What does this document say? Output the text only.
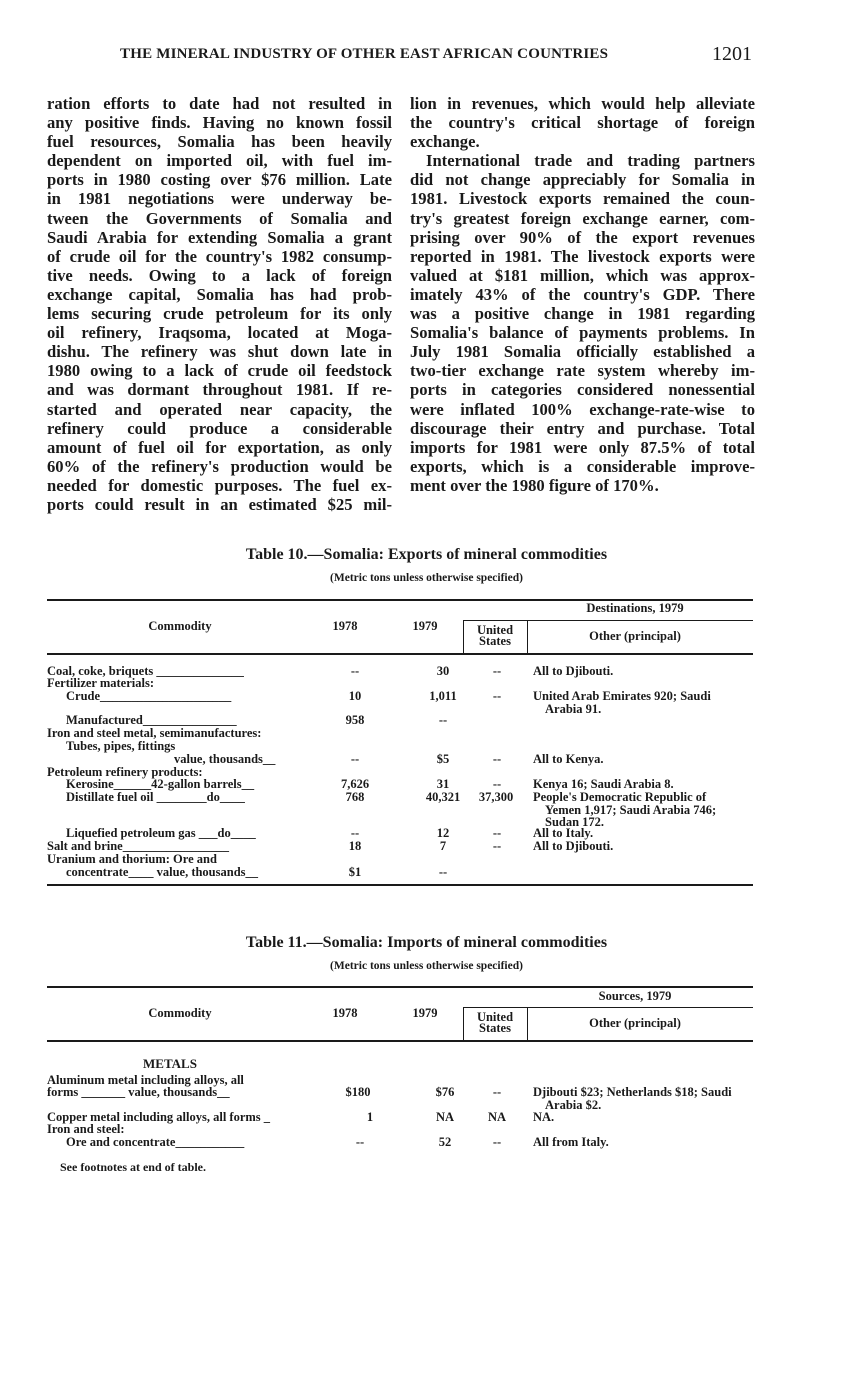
THE MINERAL INDUSTRY OF OTHER EAST AFRICAN COUNTRIES	1201
ration efforts to date had not resulted in
any positive finds. Having no known fossil
fuel resources, Somalia has been heavily
dependent on imported oil, with fuel im-
ports in 1980 costing over $76 million. Late
in 1981 negotiations were underway be-
tween the Governments of Somalia and
Saudi Arabia for extending Somalia a grant
of crude oil for the country's 1982 consump-
tive needs. Owing to a lack of foreign
exchange capital, Somalia has had prob-
lems securing crude petroleum for its only
oil refinery, Iraqsoma, located at Moga-
dishu. The refinery was shut down late in
1980 owing to a lack of crude oil feedstock
and was dormant throughout 1981. If re-
started and operated near capacity, the
refinery could produce a considerable
amount of fuel oil for exportation, as only
60% of the refinery's production would be
needed for domestic purposes. The fuel ex-
ports could result in an estimated $25 mil-
lion in revenues, which would help alleviate
the country's critical shortage of foreign
exchange.
International trade and trading partners
did not change appreciably for Somalia in
1981. Livestock exports remained the coun-
try's greatest foreign exchange earner, com-
prising over 90% of the export revenues
reported in 1981. The livestock exports were
valued at $181 million, which was approx-
imately 43% of the country's GDP. There
was a positive change in 1981 regarding
Somalia's balance of payments problems. In
July 1981 Somalia officially established a
two-tier exchange rate system whereby im-
ports in categories considered nonessential
were inflated 100% exchange-rate-wise to
discourage their entry and purchase. Total
imports for 1981 were only 87.5% of total
exports, which is a considerable improve-
ment over the 1980 figure of 170%.
Table 10.—Somalia: Exports of mineral commodities
(Metric tons unless otherwise specified)
Commodity	1978	1979
Destinations, 1979
United
States	Other (principal)
Coal, coke, briquets ______________	--	30	--	All to Djibouti.
Fertilizer materials:
Crude_____________________	10	1,011	--	United Arab Emirates 920; Saudi
Arabia 91.
Manufactured_______________	958	--
Iron and steel metal, semimanufactures:
Tubes, pipes, fittings
value, thousands__	--	$5	--	All to Kenya.
Petroleum refinery products:
Kerosine______42-gallon barrels__	7,626	31	--	Kenya 16; Saudi Arabia 8.
Distillate fuel oil ________do____	768	40,321	37,300	People's Democratic Republic of
Yemen 1,917; Saudi Arabia 746;
Sudan 172.
Liquefied petroleum gas ___do____	--	12	--	All to Italy.
Salt and brine_________________	18	7	--	All to Djibouti.
Uranium and thorium: Ore and
concentrate____ value, thousands__	$1	--
Table 11.—Somalia: Imports of mineral commodities
(Metric tons unless otherwise specified)
Commodity	1978	1979
Sources, 1979
United
States	Other (principal)
METALS
Aluminum metal including alloys, all
forms _______ value, thousands__	$180	$76	--	Djibouti $23; Netherlands $18; Saudi
Arabia $2.
Copper metal including alloys, all forms _	1	NA	NA	NA.
Iron and steel:
Ore and concentrate___________	--	52	--	All from Italy.
See footnotes at end of table.
